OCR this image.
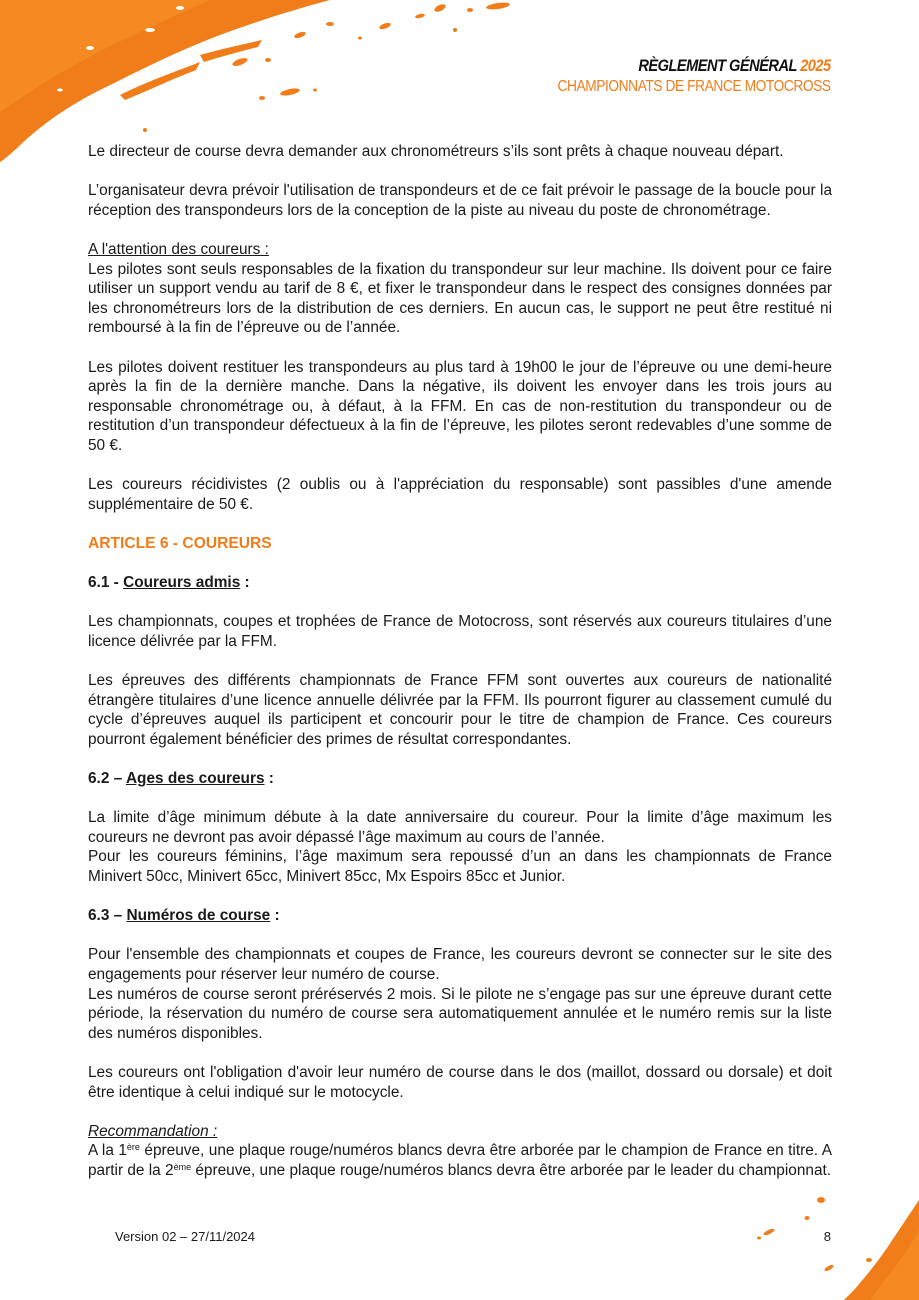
RÈGLEMENT GÉNÉRAL 2025
CHAMPIONNATS DE FRANCE MOTOCROSS

Le directeur de course devra demander aux chronométreurs s’ils sont prêts à chaque nouveau départ.

L’organisateur devra prévoir l'utilisation de transpondeurs et de ce fait prévoir le passage de la boucle pour la réception des transpondeurs lors de la conception de la piste au niveau du poste de chronométrage.

A l'attention des coureurs :

Les pilotes sont seuls responsables de la fixation du transpondeur sur leur machine. Ils doivent pour ce faire utiliser un support vendu au tarif de 8 €, et fixer le transpondeur dans le respect des consignes données par les chronométreurs lors de la distribution de ces derniers. En aucun cas, le support ne peut être restitué ni remboursé à la fin de l’épreuve ou de l’année.

Les pilotes doivent restituer les transpondeurs au plus tard à 19h00 le jour de l’épreuve ou une demi-heure après la fin de la dernière manche. Dans la négative, ils doivent les envoyer dans les trois jours au responsable chronométrage ou, à défaut, à la FFM. En cas de non-restitution du transpondeur ou de restitution d’un transpondeur défectueux à la fin de l’épreuve, les pilotes seront redevables d’une somme de 50 €.

Les coureurs récidivistes (2 oublis ou à l'appréciation du responsable) sont passibles d'une amende supplémentaire de 50 €.

ARTICLE 6 - COUREURS

6.1 - Coureurs admis :

Les championnats, coupes et trophées de France de Motocross, sont réservés aux coureurs titulaires d’une licence délivrée par la FFM.

Les épreuves des différents championnats de France FFM sont ouvertes aux coureurs de nationalité étrangère titulaires d’une licence annuelle délivrée par la FFM. Ils pourront figurer au classement cumulé du cycle d’épreuves auquel ils participent et concourir pour le titre de champion de France. Ces coureurs pourront également bénéficier des primes de résultat correspondantes.

6.2 – Ages des coureurs :

La limite d’âge minimum débute à la date anniversaire du coureur. Pour la limite d’âge maximum les coureurs ne devront pas avoir dépassé l’âge maximum au cours de l’année.

Pour les coureurs féminins, l’âge maximum sera repoussé d’un an dans les championnats de France Minivert 50cc, Minivert 65cc, Minivert 85cc, Mx Espoirs 85cc et Junior.

6.3 – Numéros de course :

Pour l'ensemble des championnats et coupes de France, les coureurs devront se connecter sur le site des engagements pour réserver leur numéro de course.

Les numéros de course seront préréservés 2 mois. Si le pilote ne s’engage pas sur une épreuve durant cette période, la réservation du numéro de course sera automatiquement annulée et le numéro remis sur la liste des numéros disponibles.

Les coureurs ont l'obligation d'avoir leur numéro de course dans le dos (maillot, dossard ou dorsale) et doit être identique à celui indiqué sur le motocycle.

Recommandation :

A la 1ère épreuve, une plaque rouge/numéros blancs devra être arborée par le champion de France en titre. A partir de la 2ème épreuve, une plaque rouge/numéros blancs devra être arborée par le leader du championnat.

Version 02 – 27/11/2024	8
